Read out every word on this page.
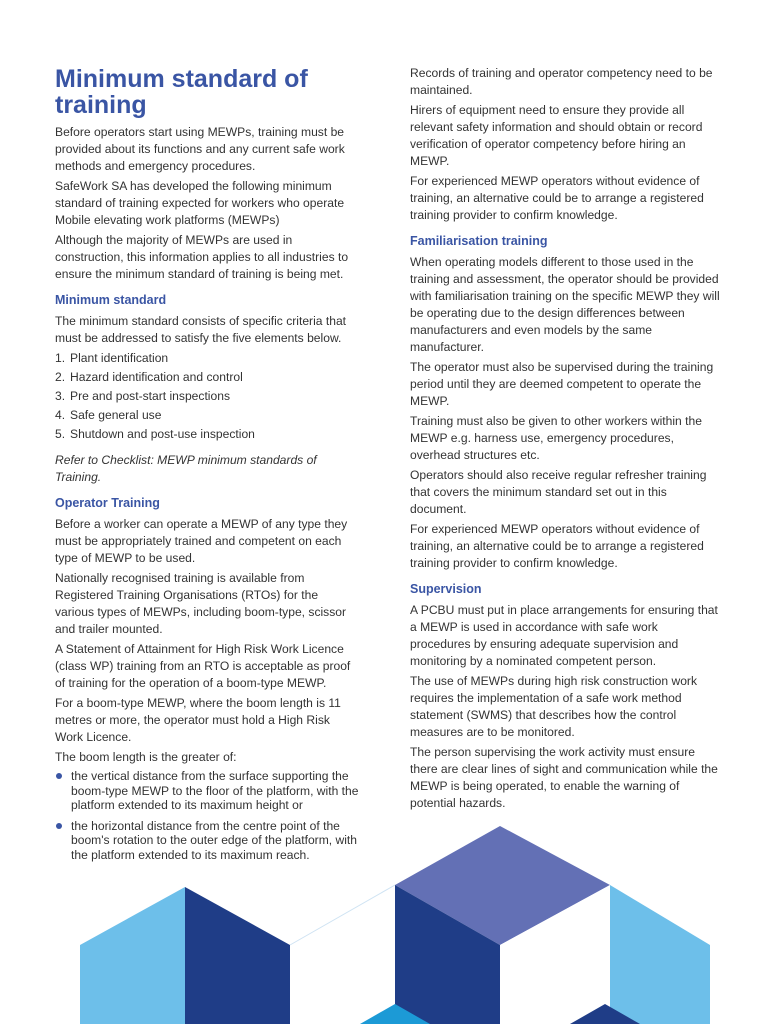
Minimum standard of training

Before operators start using MEWPs, training must be provided about its functions and any current safe work methods and emergency procedures.

SafeWork SA has developed the following minimum standard of training expected for workers who operate Mobile elevating work platforms (MEWPs)

Although the majority of MEWPs are used in construction, this information applies to all industries to ensure the minimum standard of training is being met.

Minimum standard

The minimum standard consists of specific criteria that must be addressed to satisfy the five elements below.

1. Plant identification
2. Hazard identification and control
3. Pre and post-start inspections
4. Safe general use
5. Shutdown and post-use inspection

Refer to Checklist: MEWP minimum standards of Training.

Operator Training

Before a worker can operate a MEWP of any type they must be appropriately trained and competent on each type of MEWP to be used.

Nationally recognised training is available from Registered Training Organisations (RTOs) for the various types of MEWPs, including boom-type, scissor and trailer mounted.

A Statement of Attainment for High Risk Work Licence (class WP) training from an RTO is acceptable as proof of training for the operation of a boom-type MEWP.

For a boom-type MEWP, where the boom length is 11 metres or more, the operator must hold a High Risk Work Licence.

The boom length is the greater of:

the vertical distance from the surface supporting the boom-type MEWP to the floor of the platform, with the platform extended to its maximum height or
the horizontal distance from the centre point of the boom's rotation to the outer edge of the platform, with the platform extended to its maximum reach.

Records of training and operator competency need to be maintained.

Hirers of equipment need to ensure they provide all relevant safety information and should obtain or record verification of operator competency before hiring an MEWP.

For experienced MEWP operators without evidence of training, an alternative could be to arrange a registered training provider to confirm knowledge.

Familiarisation training

When operating models different to those used in the training and assessment, the operator should be provided with familiarisation training on the specific MEWP they will be operating due to the design differences between manufacturers and even models by the same manufacturer.

The operator must also be supervised during the training period until they are deemed competent to operate the MEWP.

Training must also be given to other workers within the MEWP e.g. harness use, emergency procedures, overhead structures etc.

Operators should also receive regular refresher training that covers the minimum standard set out in this document.

For experienced MEWP operators without evidence of training, an alternative could be to arrange a registered training provider to confirm knowledge.

Supervision

A PCBU must put in place arrangements for ensuring that a MEWP is used in accordance with safe work procedures by ensuring adequate supervision and monitoring by a nominated competent person.

The use of MEWPs during high risk construction work requires the implementation of a safe work method statement (SWMS) that describes how the control measures are to be monitored.

The person supervising the work activity must ensure there are clear lines of sight and communication while the MEWP is being operated, to enable the warning of potential hazards.
